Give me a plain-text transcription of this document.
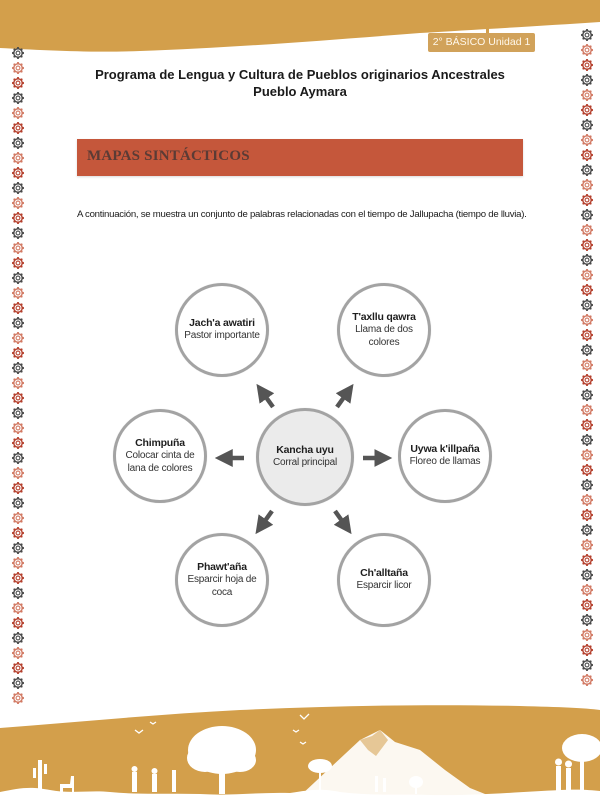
2° BÁSICO Unidad 1
Programa de Lengua y Cultura de Pueblos originarios Ancestrales
Pueblo Aymara
MAPAS SINTÁCTICOS
A continuación, se muestra un conjunto de palabras relacionadas con el tiempo de Jallupacha (tiempo de lluvia).
Jach'a awatiri
Pastor importante
T'axllu qawra
Llama de dos colores
Chimpuña
Colocar cinta de lana de colores
Kancha uyu
Corral principal
Uywa k'illpaña
Floreo de llamas
Phawt'aña
Esparcir hoja de coca
Ch'alltaña
Esparcir licor
